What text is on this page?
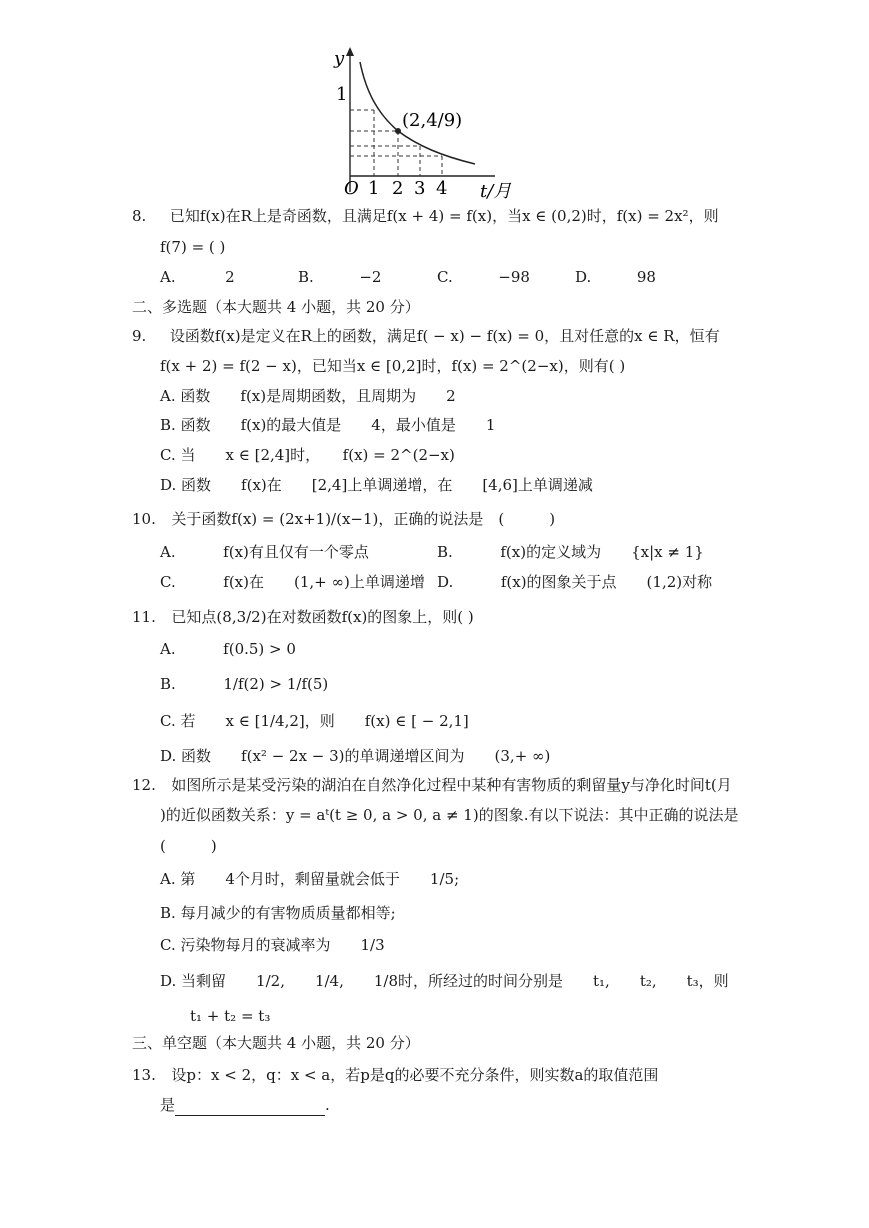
y
1
O 1 2 3 4 t/月
(2,4/9)
8. 已知f(x)在R上是奇函数，且满足f(x + 4) = f(x)，当x ∈ (0,2)时，f(x) = 2x²，则
f(7) = ( )
A.	2	B.	−2	C.	−98	D.	98
二、多选题（本大题共 4 小题，共 20 分）
9. 设函数f(x)是定义在R上的函数，满足f( − x) − f(x) = 0，且对任意的x ∈ R，恒有
f(x + 2) = f(2 − x)，已知当x ∈ [0,2]时，f(x) = 2^(2−x)，则有( )
A. 函数　　f(x)是周期函数，且周期为　　2
B. 函数　　f(x)的最大值是　　4，最小值是　　1
C. 当　　x ∈ [2,4]时，　　f(x) = 2^(2−x)
D. 函数　　f(x)在　　[2,4]上单调递增，在　　[4,6]上单调递减
10. 关于函数f(x) = (2x+1)/(x−1)，正确的说法是　(　　　)
A.	f(x)有且仅有一个零点	B.	f(x)的定义域为　　{x|x ≠ 1}
C.	f(x)在　　(1,+ ∞)上单调递增 D.	f(x)的图象关于点　　(1,2)对称
11. 已知点(8,3/2)在对数函数f(x)的图象上，则( )
A.	f(0.5) > 0
B.	1/f(2) > 1/f(5)
C. 若　　x ∈ [1/4,2]，则　　f(x) ∈ [ − 2,1]
D. 函数　　f(x² − 2x − 3)的单调递增区间为　　(3,+ ∞)
12. 如图所示是某受污染的湖泊在自然净化过程中某种有害物质的剩留量y与净化时间t(月
)的近似函数关系：y = aᵗ(t ≥ 0, a > 0, a ≠ 1)的图象.有以下说法：其中正确的说法是
(　　　)
A. 第　　4个月时，剩留量就会低于　　1/5;
B. 每月减少的有害物质质量都相等;
C. 污染物每月的衰减率为　　1/3
D. 当剩留　　1/2,　　1/4,　　1/8时，所经过的时间分别是　　t₁,　　t₂,　　t₃，则
t₁ + t₂ = t₃
三、单空题（本大题共 4 小题，共 20 分）
13. 设p：x < 2，q：x < a，若p是q的必要不充分条件，则实数a的取值范围
是	.
